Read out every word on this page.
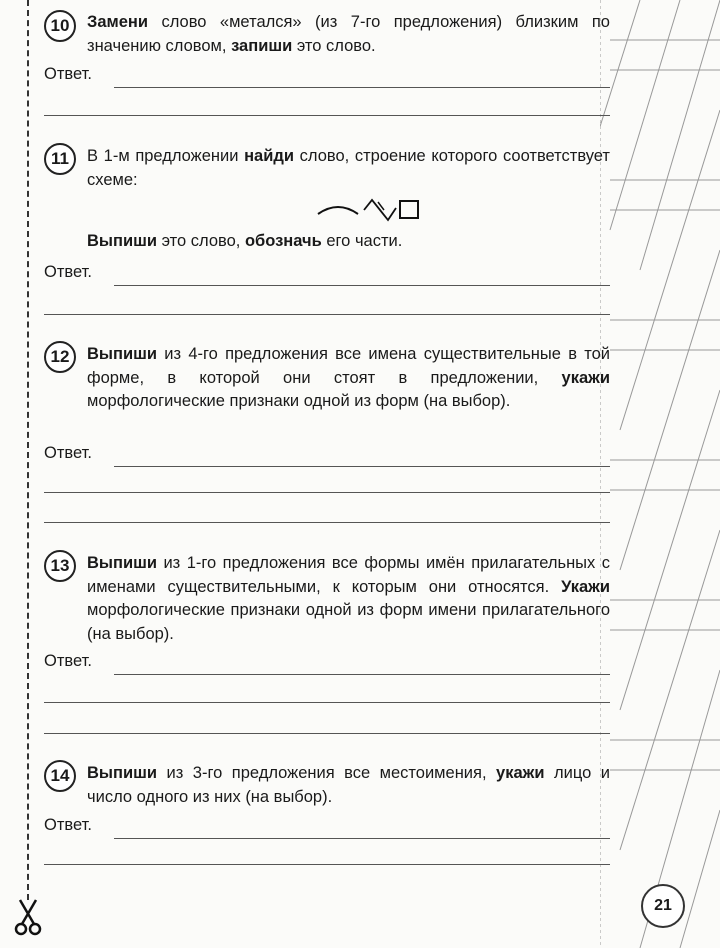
10	Замени слово «метался» (из 7-го предложения) близким по значению словом, запиши это слово.
Ответ.
11	В 1-м предложении найди слово, строение которого соответствует схеме:
Выпиши это слово, обозначь его части.
Ответ.
12	Выпиши из 4-го предложения все имена существительные в той форме, в которой они стоят в предложении, укажи морфологические признаки одной из форм (на выбор).
Ответ.
13	Выпиши из 1-го предложения все формы имён прилагательных с именами существительными, к которым они относятся. Укажи морфологические признаки одной из форм имени прилагательного (на выбор).
Ответ.
14	Выпиши из 3-го предложения все местоимения, укажи лицо и число одного из них (на выбор).
Ответ.
21
